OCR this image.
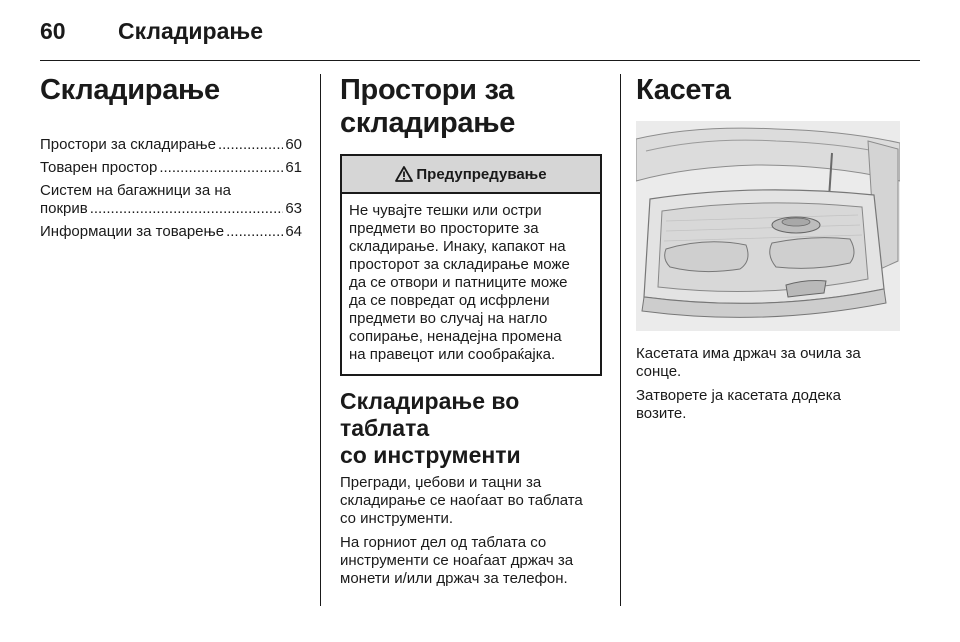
60 Складирање
Складирање
Простори за складирање .....	60
Товарен простор .....	61
Систем на багажници за на
покрив .....	63
Информации за товарење .....	64
Простори за
складирање
Предупредување
Не чувајте тешки или остри
предмети во просторите за
складирање. Инаку, капакот на
просторот за складирање може
да се отвори и патниците може
да се повредат од исфрлени
предмети во случај на нагло
сопирање, ненадејна промена
на правецот или сообраќајка.
Складирање во таблата
со инструменти

Прегради, џебови и тацни за
складирање се наоѓаат во таблата
со инструменти.

На горниот дел од таблата со
инструменти се ноаѓаат држач за
монети и/или држач за телефон.

Касета

Касетата има држач за очила за
сонце.

Затворете ја касетата додека
возите.
